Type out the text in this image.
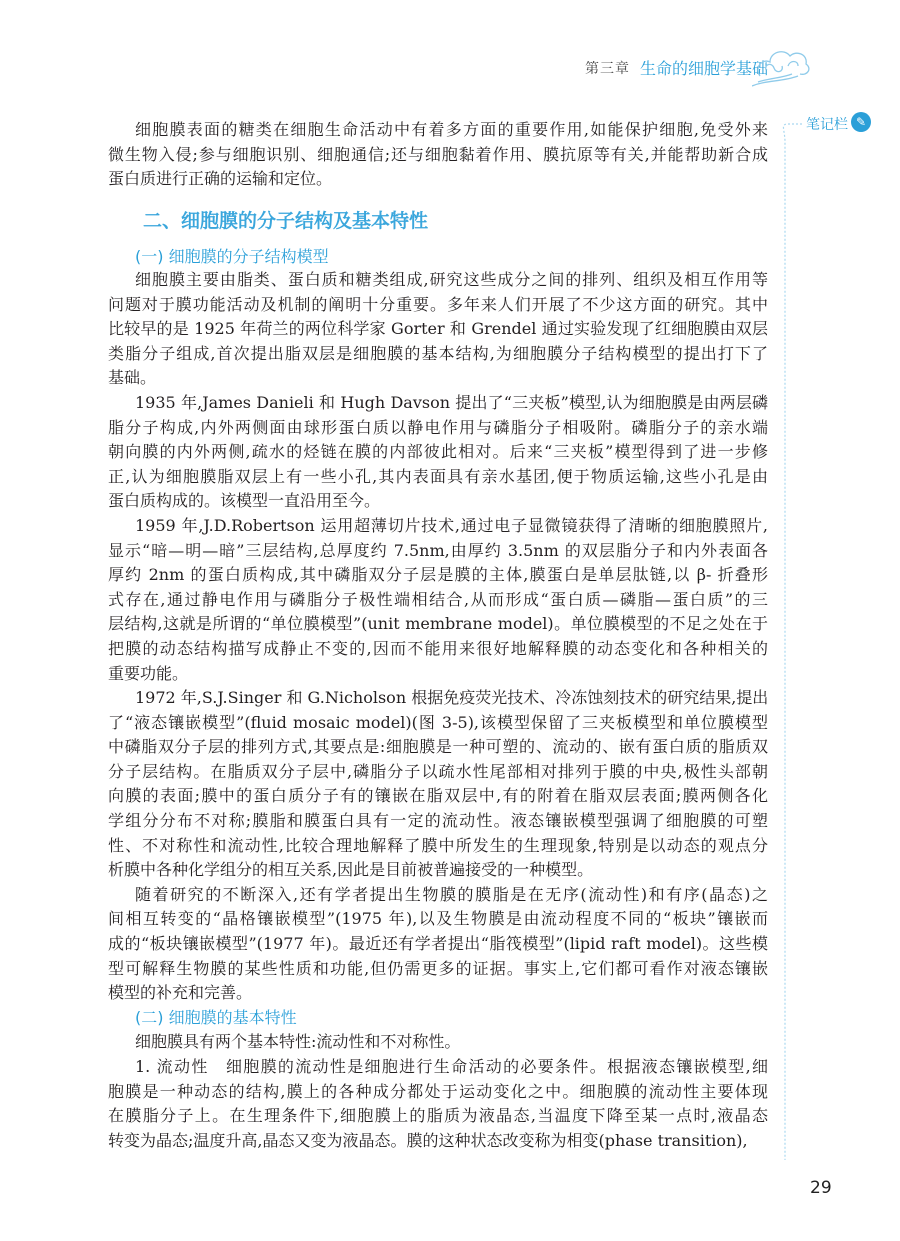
第三章 生命的细胞学基础
笔记栏 ✎
细胞膜表面的糖类在细胞生命活动中有着多方面的重要作用,如能保护细胞,免受外来
微生物入侵;参与细胞识别、细胞通信;还与细胞黏着作用、膜抗原等有关,并能帮助新合成
蛋白质进行正确的运输和定位。
二、细胞膜的分子结构及基本特性
(一) 细胞膜的分子结构模型
细胞膜主要由脂类、蛋白质和糖类组成,研究这些成分之间的排列、组织及相互作用等
问题对于膜功能活动及机制的阐明十分重要。多年来人们开展了不少这方面的研究。其中
比较早的是 1925 年荷兰的两位科学家 Gorter 和 Grendel 通过实验发现了红细胞膜由双层
类脂分子组成,首次提出脂双层是细胞膜的基本结构,为细胞膜分子结构模型的提出打下了
基础。
1935 年,James Danieli 和 Hugh Davson 提出了“三夹板”模型,认为细胞膜是由两层磷
脂分子构成,内外两侧面由球形蛋白质以静电作用与磷脂分子相吸附。磷脂分子的亲水端
朝向膜的内外两侧,疏水的烃链在膜的内部彼此相对。后来“三夹板”模型得到了进一步修
正,认为细胞膜脂双层上有一些小孔,其内表面具有亲水基团,便于物质运输,这些小孔是由
蛋白质构成的。该模型一直沿用至今。
1959 年,J.D.Robertson 运用超薄切片技术,通过电子显微镜获得了清晰的细胞膜照片,
显示“暗—明—暗”三层结构,总厚度约 7.5nm,由厚约 3.5nm 的双层脂分子和内外表面各
厚约 2nm 的蛋白质构成,其中磷脂双分子层是膜的主体,膜蛋白是单层肽链,以 β- 折叠形
式存在,通过静电作用与磷脂分子极性端相结合,从而形成“蛋白质—磷脂—蛋白质”的三
层结构,这就是所谓的“单位膜模型”(unit membrane model)。单位膜模型的不足之处在于
把膜的动态结构描写成静止不变的,因而不能用来很好地解释膜的动态变化和各种相关的
重要功能。
1972 年,S.J.Singer 和 G.Nicholson 根据免疫荧光技术、冷冻蚀刻技术的研究结果,提出
了“液态镶嵌模型”(fluid mosaic model)(图 3-5),该模型保留了三夹板模型和单位膜模型
中磷脂双分子层的排列方式,其要点是:细胞膜是一种可塑的、流动的、嵌有蛋白质的脂质双
分子层结构。在脂质双分子层中,磷脂分子以疏水性尾部相对排列于膜的中央,极性头部朝
向膜的表面;膜中的蛋白质分子有的镶嵌在脂双层中,有的附着在脂双层表面;膜两侧各化
学组分分布不对称;膜脂和膜蛋白具有一定的流动性。液态镶嵌模型强调了细胞膜的可塑
性、不对称性和流动性,比较合理地解释了膜中所发生的生理现象,特别是以动态的观点分
析膜中各种化学组分的相互关系,因此是目前被普遍接受的一种模型。
随着研究的不断深入,还有学者提出生物膜的膜脂是在无序(流动性)和有序(晶态)之
间相互转变的“晶格镶嵌模型”(1975 年),以及生物膜是由流动程度不同的“板块”镶嵌而
成的“板块镶嵌模型”(1977 年)。最近还有学者提出“脂筏模型”(lipid raft model)。这些模
型可解释生物膜的某些性质和功能,但仍需更多的证据。事实上,它们都可看作对液态镶嵌
模型的补充和完善。
(二) 细胞膜的基本特性
细胞膜具有两个基本特性:流动性和不对称性。
1. 流动性　细胞膜的流动性是细胞进行生命活动的必要条件。根据液态镶嵌模型,细
胞膜是一种动态的结构,膜上的各种成分都处于运动变化之中。细胞膜的流动性主要体现
在膜脂分子上。在生理条件下,细胞膜上的脂质为液晶态,当温度下降至某一点时,液晶态
转变为晶态;温度升高,晶态又变为液晶态。膜的这种状态改变称为相变(phase transition),
29
